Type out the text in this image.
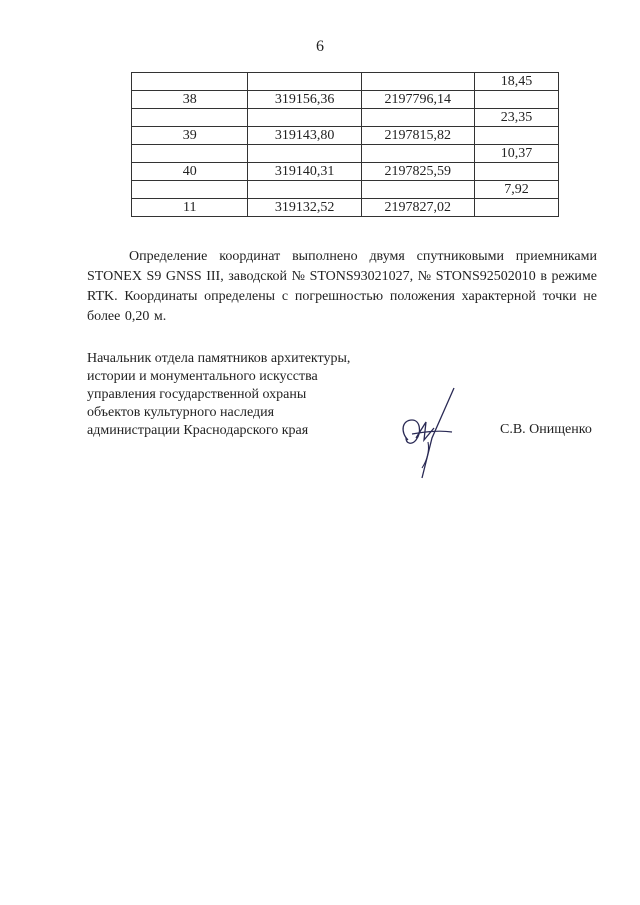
6
			18,45
38	319156,36	2197796,14	
			23,35
39	319143,80	2197815,82	
			10,37
40	319140,31	2197825,59	
			7,92
11	319132,52	2197827,02	
Определение координат выполнено двумя спутниковыми приемниками STONEX S9 GNSS III, заводской № STONS93021027, № STONS92502010 в режиме RTK. Координаты определены с погрешностью положения характерной точки не более 0,20 м.
Начальник отдела памятников архитектуры,
истории и монументального искусства
управления государственной охраны
объектов культурного наследия
администрации Краснодарского края	С.В. Онищенко
